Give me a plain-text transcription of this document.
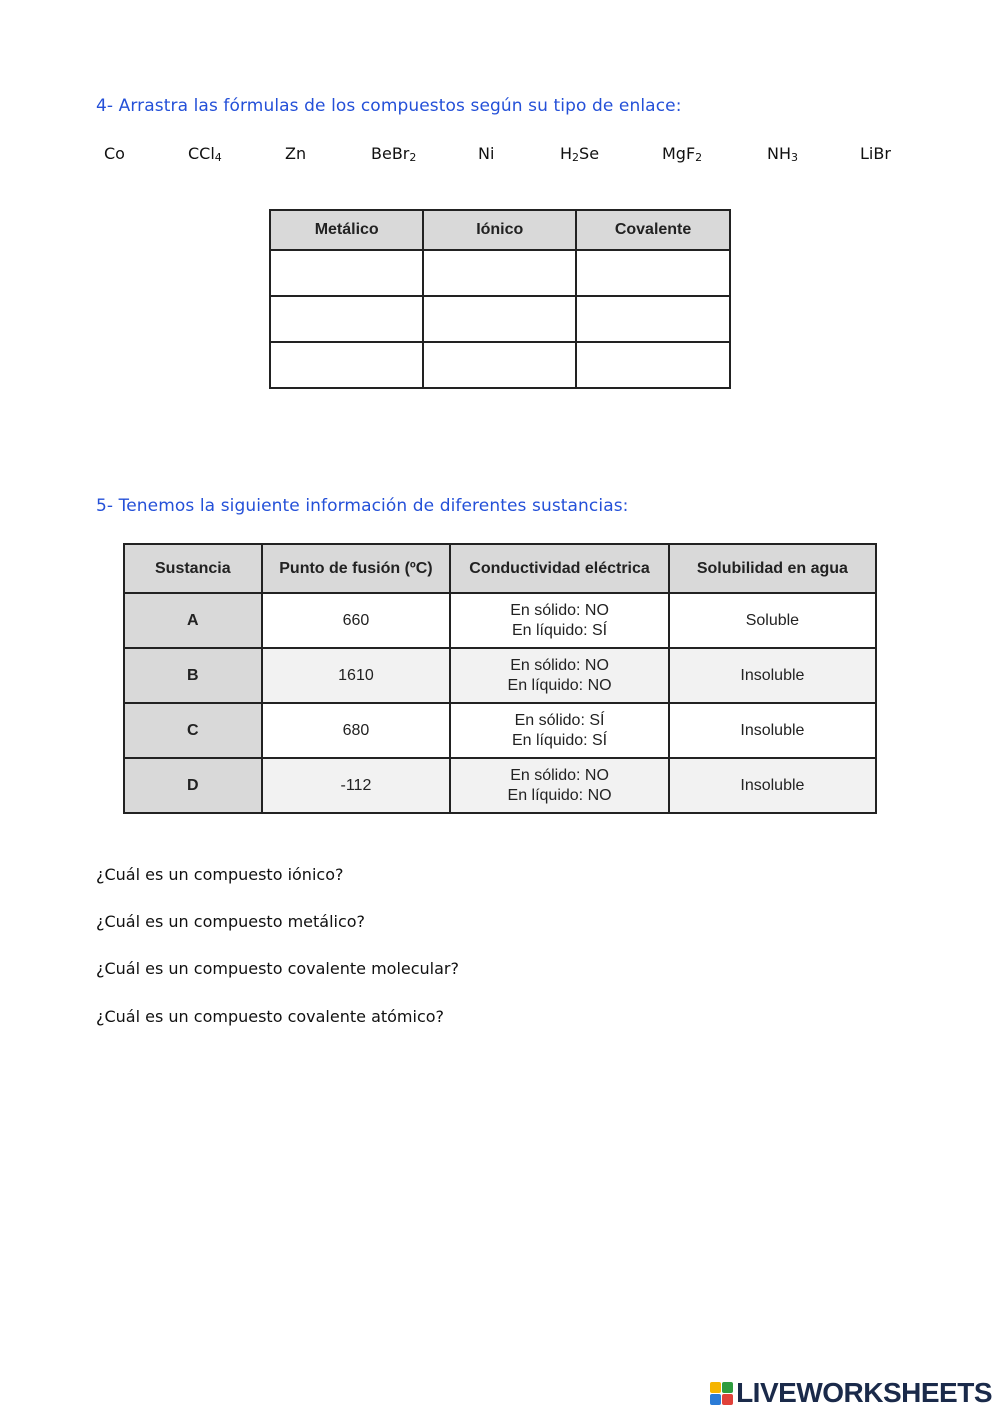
4- Arrastra las fórmulas de los compuestos según su tipo de enlace:
Co	CCl$_4$	Zn	BeBr$_2$	Ni	$H_2Se$	MgF$_2$	$NH_3$	LiBr
Metálico	Iónico	Covalente

5- Tenemos la siguiente información de diferentes sustancias:
Sustancia	Punto de fusión (ºC)	Conductividad eléctrica	Solubilidad en agua
A	660	En sólido: NO
En líquido: SÍ	Soluble
B	1610	En sólido: NO
En líquido: NO	Insoluble
C	680	En sólido: SÍ
En líquido: SÍ	Insoluble
D	-112	En sólido: NO
En líquido: NO	Insoluble

¿Cuál es un compuesto iónico?

¿Cuál es un compuesto metálico?

¿Cuál es un compuesto covalente molecular?

¿Cuál es un compuesto covalente atómico?

LIVEWORKSHEETS
